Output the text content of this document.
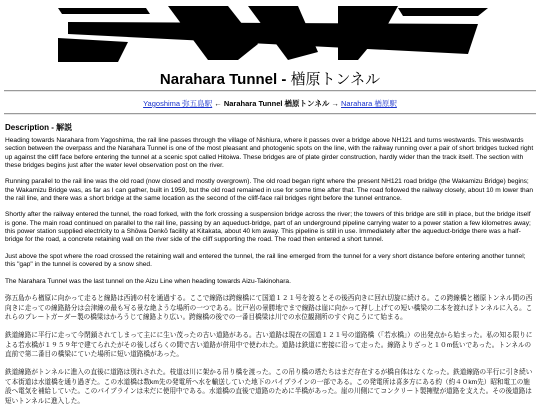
Narahara Tunnel - 楢原トンネル
Yagoshima 弥五島駅 ← Narahara Tunnel 楢原トンネル → Narahara 楢原駅
Description - 解説

Heading towards Narahara from Yagoshima, the rail line passes through the village of Nishiura, where it passes over a bridge above NH121 and turns westwards. This westwards section between the overpass and the Narahara Tunnel is one of the most pleasant and photogenic spots on the line, with the railway running over a pair of short bridges tucked right up against the cliff face before entering the tunnel at a scenic spot called Hitoiwa. These bridges are of plate girder construction, hardly wider than the track itself. The section with these bridges begins just after the water level observation post on the river.

Running parallel to the rail line was the old road (now closed and mostly overgrown). The old road began right where the present NH121 road bridge (the Wakamizu Bridge) begins; the Wakamizu Bridge was, as far as I can gather, built in 1959, but the old road remained in use for some time after that. The road followed the railway closely, about 10 m lower than the rail line, and there was a short bridge at the same location as the second of the cliff-face rail bridges right before the tunnel entrance.

Shortly after the railway entered the tunnel, the road forked, with the fork crossing a suspension bridge across the river; the towers of this bridge are still in place, but the bridge itself is gone. The main road continued on parallel to the rail line, passing by an aqueduct-bridge, part of an underground pipeline carrying water to a power station a few kilometres away; this power station supplied electricity to a Shōwa Denkō facility at Kitakata, about 40 km away. This pipeline is still in use. Immediately after the aqueduct-bridge there was a half-bridge for the road, a concrete retaining wall on the river side of the cliff supporting the road. The road then entered a short tunnel.

Just above the spot where the road crossed the retaining wall and entered the tunnel, the rail line emerged from the tunnel for a very short distance before entering another tunnel; this "gap" in the tunnel is covered by a snow shed.

The Narahara Tunnel was the last tunnel on the Aizu Line when heading towards Aizu-Takinohara.

弥五島から楢原に向かって走ると線路は西浦の村を通過する。ここで線路は跨線橋にて国道１２１号を渡るとその後西向きに回れ切旋に続ける。この跨線橋と楢原トンネル間の西向きに走っての線路路分は会津線の最も写る景な絶ような場所の一つである。比戸岩の景勝地でまで線路は崖に向かって押し上げての短い橋梁の二本を渡ればトンネルに入る。これらのプレートガーダー製の橋梁はかろうじて線路より広い。跨線橋の後での一番目橋梁は川での水位観測所のすぐ向こうにて始まる。

鉄道線路に平行に走って今閉鎖されてしまって主にに生い茂ったの古い道路がある。古い道路は現在の国道１２１号の道路橋（「若水橋」）の出発点から始まった。私の知る限りによる若水橋が１９５９年で建てられたがその後しばらくの間で古い道路が併用中で使われた。道路は鉄道に密接に沿って走った。線路よりざっと１０m低いであった。トンネルの直前で第二番目の橋梁にていた場所に短い道路橋があった。

鉄道線路がトンネルに進入の直後に道路は別れされた。枝道は川に架かる吊り橋を渡った。この吊り橋の塔たちはまだ存在するが橋自体はなくなった。鉄道線路の平行に引き続いて本街道は水道橋を通り過ぎた。この水道橋は数km先の発電所へ水を輸送していた地下のパイプラインの一部である。この発電所は喜多方にある約（約４０km先）昭和電工の施設へ電気を補給していた。このパイプラインは未だに使用中である。水道橋の直後で道路のために半橋があった。崖の川側にてコンクリート製擁壁が道路を支えた。その後道路は短いトンネルに進入した。
